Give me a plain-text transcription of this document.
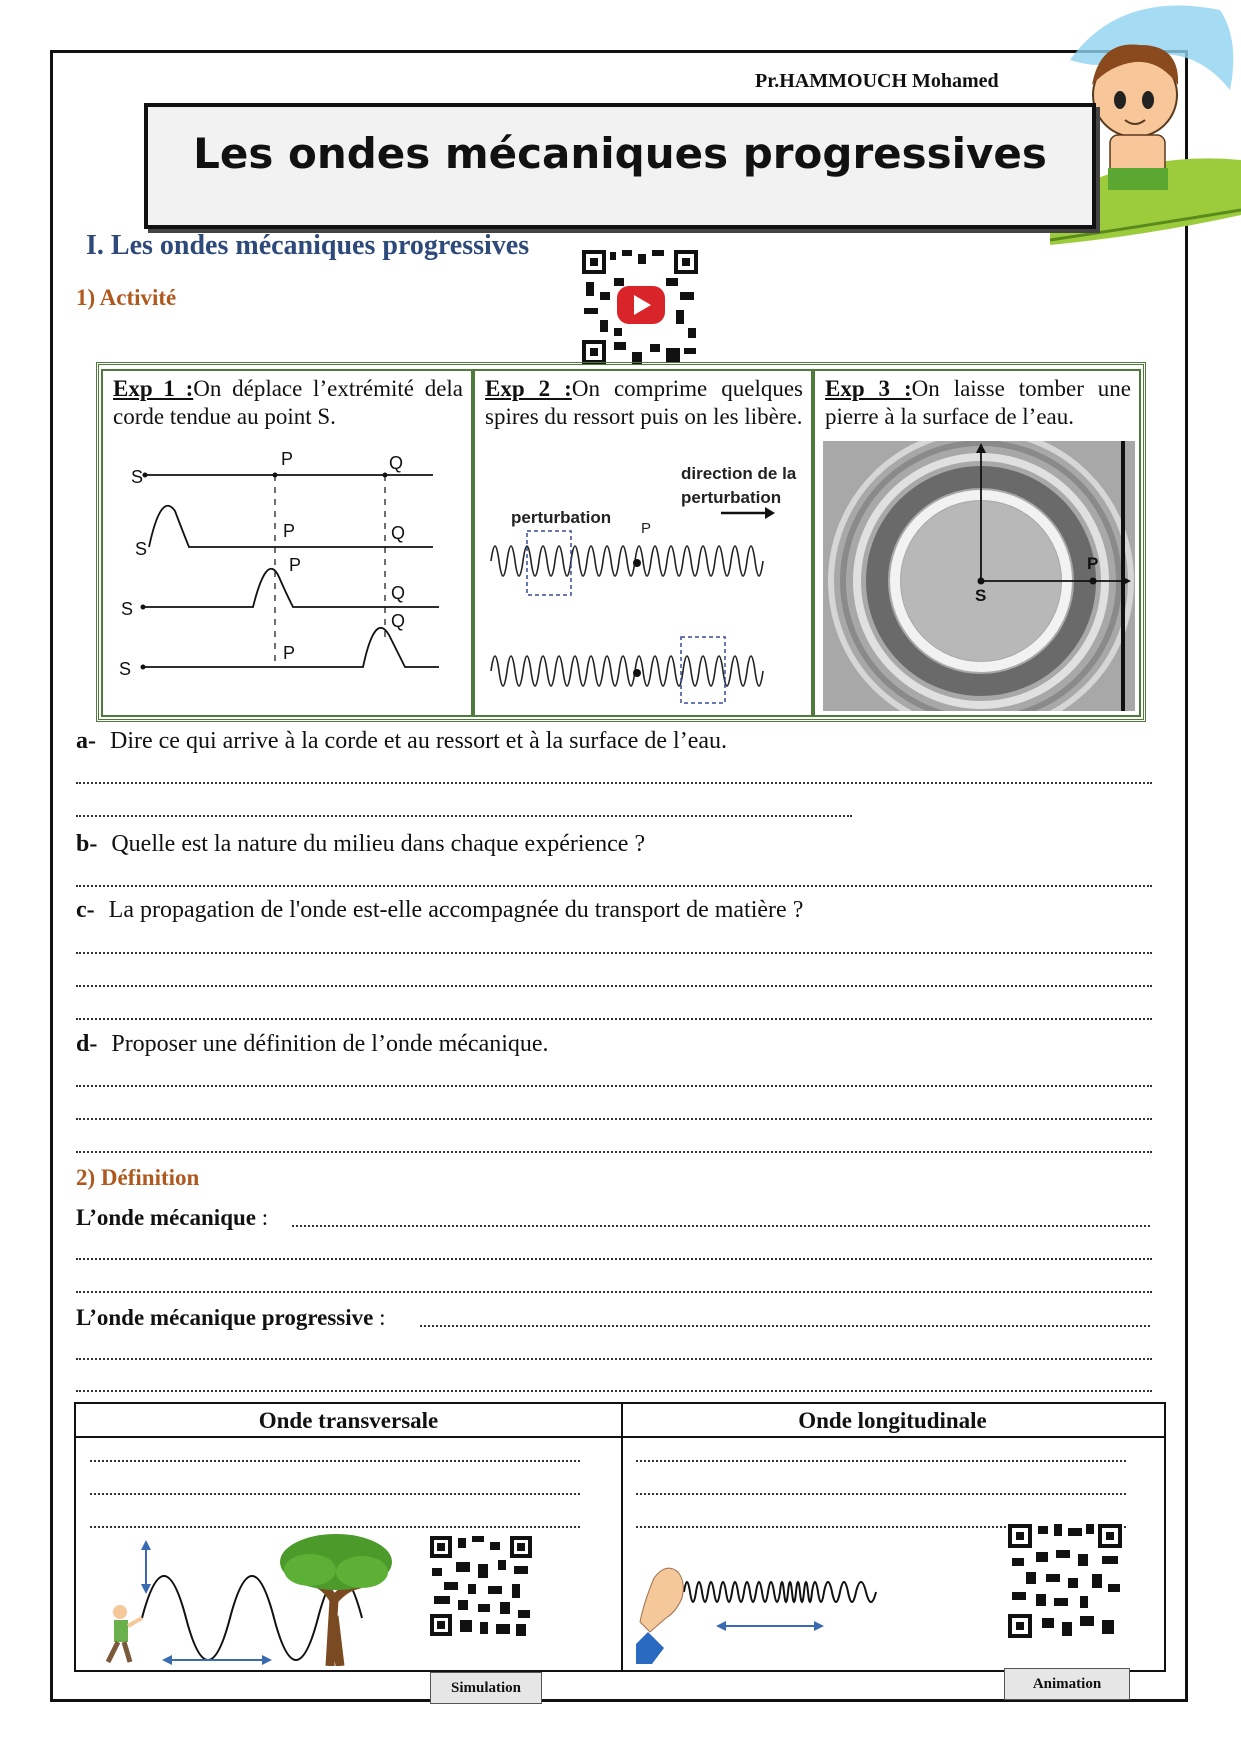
Pr.HAMMOUCH Mohamed
Les ondes mécaniques progressives
I. Les ondes mécaniques progressives
1) Activité
Exp 1 :On déplace l’extrémité dela corde tendue au point S.
S
P	Q
S
P	Q
S
P
Q
S
P
Q
Exp 2 :On comprime quelques spires du ressort puis on les libère.
direction de la
perturbation
perturbation
P
Exp 3 :On laisse tomber une pierre à la surface de l’eau.
S
P
a- Dire ce qui arrive à la corde et au ressort et à la surface de l’eau.
b- Quelle est la nature du milieu dans chaque expérience ?
c- La propagation de l'onde est-elle accompagnée du transport de matière ?
d- Proposer une définition de l’onde mécanique.
2) Définition
L’onde mécanique :
L’onde mécanique progressive :
Onde transversale	Onde longitudinale
Simulation	Animation
